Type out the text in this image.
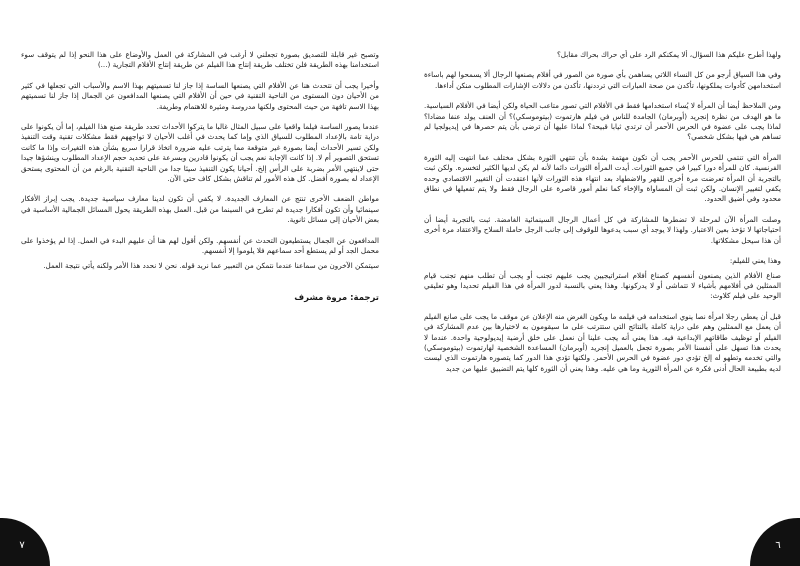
وتصبح غير قابلة للتصديق بصورة تجعلني لا أرغب في المشاركة في العمل والأوضاع على هذا النحو إذا لم يتوقف سوء استخدامنا بهذه الطريقة فلن تختلف طريقة إنتاج هذا الفيلم عن طريقة إنتاج الأفلام التجارية (...)

وأخيرا يجب أن نتحدث هنا عن الأفلام التي يصنعها الساسة إذا جاز لنا تسميتهم بهذا الاسم والأسباب التي تجعلها في كثير من الأحيان دون المستوى من الناحية التقنية في حين أن الأفلام التي يصنعها المدافعون عن الجمال إذا جاز لنا تسميتهم بهذا الاسم تافهة من حيث المحتوى ولكنها مدروسة ومثيرة للاهتمام وطريفة.

عندما يصور الساسة فيلما واقعيا على سبيل المثال غالبا ما يتركوا الأحداث تحدد طريقة صنع هذا الفيلم، إما أن يكونوا على دراية تامة بالإعداد المطلوب للسياق الذي وإما كما يحدث في أغلب الأحيان لا تواجههم فقط مشكلات تقنية وقت التنفيذ ولكن تسير الأحداث أيضا بصورة غير متوقعة مما يترتب عليه ضرورة اتخاذ قرارا سريع بشأن هذه التغيرات وإذا ما كانت تستحق التصوير أم لا. إذا كانت الإجابة نعم يجب أن يكونوا قادرين وبسرعة على تحديد حجم الإعداد المطلوب وينشؤها جيدا حتى لاينتهي الأمر بضربة على الرأس إلخ. أحيانا يكون التنفيذ سيئا جدا من الناحية التقنية بالرغم من أن المحتوى يستحق الإعداد له بصورة أفضل. كل هذه الأمور لم تناقش بشكل كاف حتى الآن.

مواطن الضعف الأخرى تنتج عن المعارف الجديدة. لا يكفي أن تكون لدينا معارف سياسية جديدة. يجب إبراز الأفكار سينمائيا وأن تكون أفكارا جديدة لم تطرح في السينما من قبل. العمل بهذه الطريقة يحول المسائل الجمالية الأساسية في بعض الأحيان إلى مسائل ثانوية.

المدافعون عن الجمال يستطيعون التحدث عن أنفسهم. ولكن أقول لهم هنا أن عليهم البدء في العمل. إذا لم يؤخذوا على محمل الجد أو لم يستطع أحد سماعهم فلا يلوموا إلا أنفسهم.

سيتمكن الآخرون من سماعنا عندما نتمكن من التعبير عما نريد قوله. نحن لا نحدد هذا الأمر ولكنه يأتي نتيجة العمل.

ترجمة: مروة مشرف

ولهذا أطرح عليكم هذا السؤال، ألا يمكنكم الرد على أي حراك بحراك مقابل؟

وفي هذا السياق أرجو من كل النساء اللاتي يساهمن بأي صورة من الصور في أفلام يصنعها الرجال ألا يسمحوا لهم باساءة استخدامهن كأدوات يملكونها، تأكدن من صحة العبارات التي ترددنها، تأكدن من دلالات الإشارات المطلوب منكن أداءها.

ومن الملاحظ أيضا أن المرأة لا يُساء استخدامها فقط في الأفلام التي تصور متاعب الحياة ولكن أيضا في الأفلام السياسية. ما هو الهدف من نظرة إنجريد (أوبرمان) الجامدة للناس في فيلم هارتموت (بيتوموسكي)؟ أن العنف يولد عنفا مضادا؟ لماذا يجب على عضوة في الحرس الأحمر أن ترتدي ثيابا قبيحة؟ لماذا عليها أن ترضى بأن يتم حصرها في إيديولجيا لم تساهم هي فيها بشكل شخصي؟

المرأة التي تنتمي للحرس الأحمر يجب أن تكون مهتمة بشدة بأن تنتهي الثورة بشكل مختلف عما انتهت إليه الثورة الفرنسية. كان للمرأة دورا كبيرا في جميع الثورات. أيدت المرأة الثورات دائما لأنه لم يكن لديها الكثير لتخسره. ولكن ثبت بالتجربة أن المرأة تعرضت مرة أخرى للقهر والاضطهاد بعد انتهاء هذه الثورات لأنها اعتقدت أن التغيير الاقتصادي وحده يكفي لتغيير الإنسان. ولكن ثبت أن المساواة والإخاء كما نعلم أمور قاصرة على الرجال فقط ولا يتم تفعيلها في نطاق محدود وفي أضيق الحدود.

وصلت المرأة الآن لمرحلة لا تضطرها للمشاركة في كل أعمال الرجال السينمائية الغامضة. ثبت بالتجربة أيضا أن احتياجاتها لا تؤخذ بعين الاعتبار. ولهذا لا يوجد أي سبب يدعوها للوقوف إلى جانب الرجل حاملة السلاح والاعتقاد مرة أخرى أن هذا سيحل مشكلاتها.

وهذا يعني للفيلم:

صناع الأفلام الذين يصنعون أنفسهم كصناع أفلام استراتيجيين يجب عليهم تجنب أو يجب أن تطلب منهم تجنب قيام الممثلين في أفلامهم بأشياء لا تتماشى أو لا يدركونها. وهذا يعني بالنسبة لدور المرأة في هذا الفيلم تحديدا وهو تعليقي الوحيد على فيلم كلاوث:

قبل أن يعطي رجلا امرأة نصا ينوي استخدامه في فيلمه ما ويكون الغرض منه الإعلان عن موقف ما يجب على صانع الفيلم أن يعمل مع الممثلين وهم على دراية كاملة بالنتائج التي ستترتب على ما سيقومون به لاختيارها بين عدم المشاركة في الفيلم أو توظيف طاقاتهم الإبداعية فيه. هذا يعني أنه يجب علينا أن نعمل على خلق أرضية إيديولوجية واحدة. عندما لا يحدث هذا تسهل على أنفسنا الأمر بصورة تجعل بالعميل إنجريد (أوبرمان) المساعدة الشخصية لهارتموت (بيتوموسكي) والتي تخدمه وتطهو له إلخ تؤدي دور عضوة في الحرس الأحمر. ولكنها تؤدي هذا الدور كما يتصوره هارتموت الذي ليست لديه بطبيعة الحال أدنى فكرة عن المرأة الثورية وما هي عليه. وهذا يعني أن الثورة كلها يتم التضييق عليها من جديد

٧	٦
